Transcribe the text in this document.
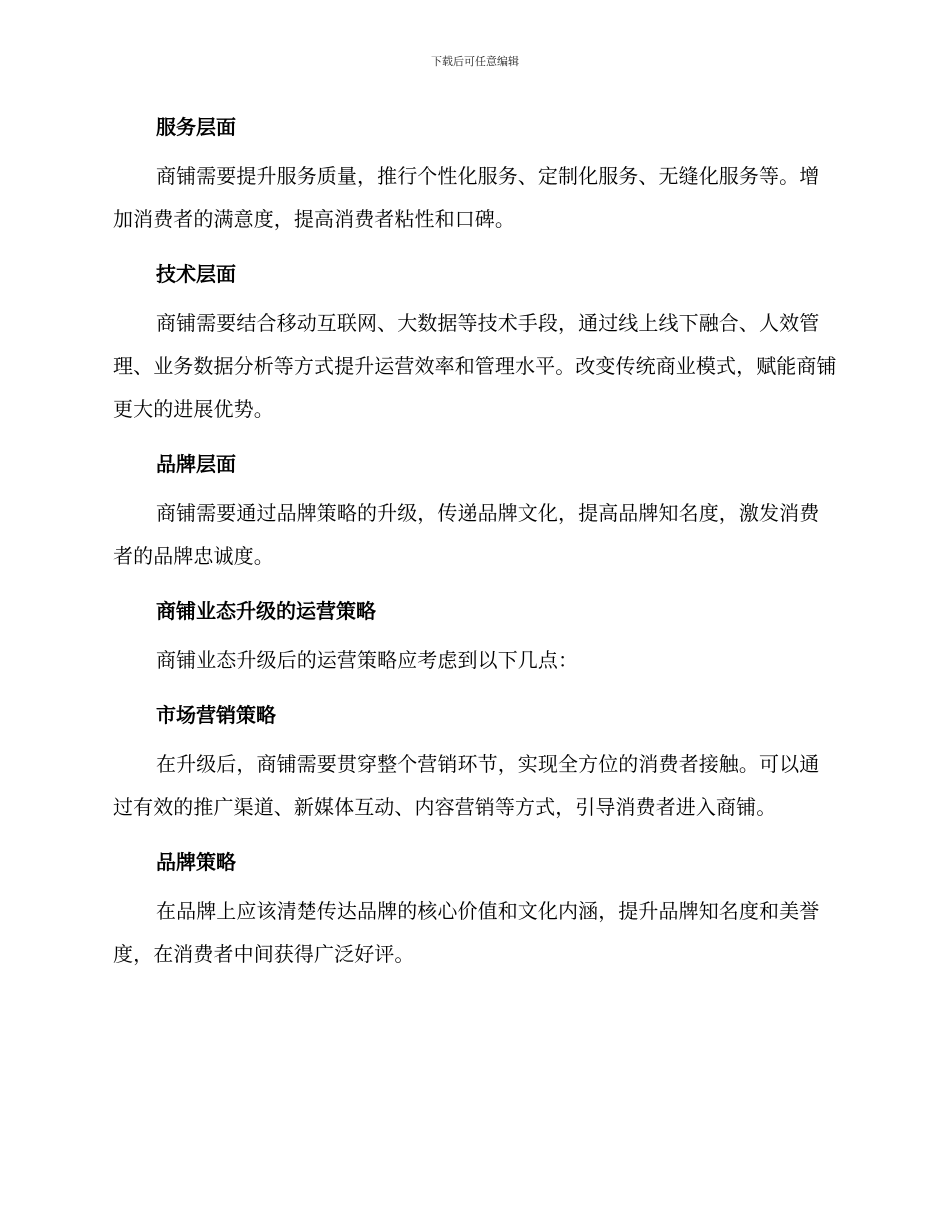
下载后可任意编辑
服务层面

商铺需要提升服务质量，推行个性化服务、定制化服务、无缝化服务等。增加消费者的满意度，提高消费者粘性和口碑。

技术层面

商铺需要结合移动互联网、大数据等技术手段，通过线上线下融合、人效管理、业务数据分析等方式提升运营效率和管理水平。改变传统商业模式，赋能商铺更大的进展优势。

品牌层面

商铺需要通过品牌策略的升级，传递品牌文化，提高品牌知名度，激发消费者的品牌忠诚度。

商铺业态升级的运营策略

商铺业态升级后的运营策略应考虑到以下几点：

市场营销策略

在升级后，商铺需要贯穿整个营销环节，实现全方位的消费者接触。可以通过有效的推广渠道、新媒体互动、内容营销等方式，引导消费者进入商铺。

品牌策略

在品牌上应该清楚传达品牌的核心价值和文化内涵，提升品牌知名度和美誉度，在消费者中间获得广泛好评。
